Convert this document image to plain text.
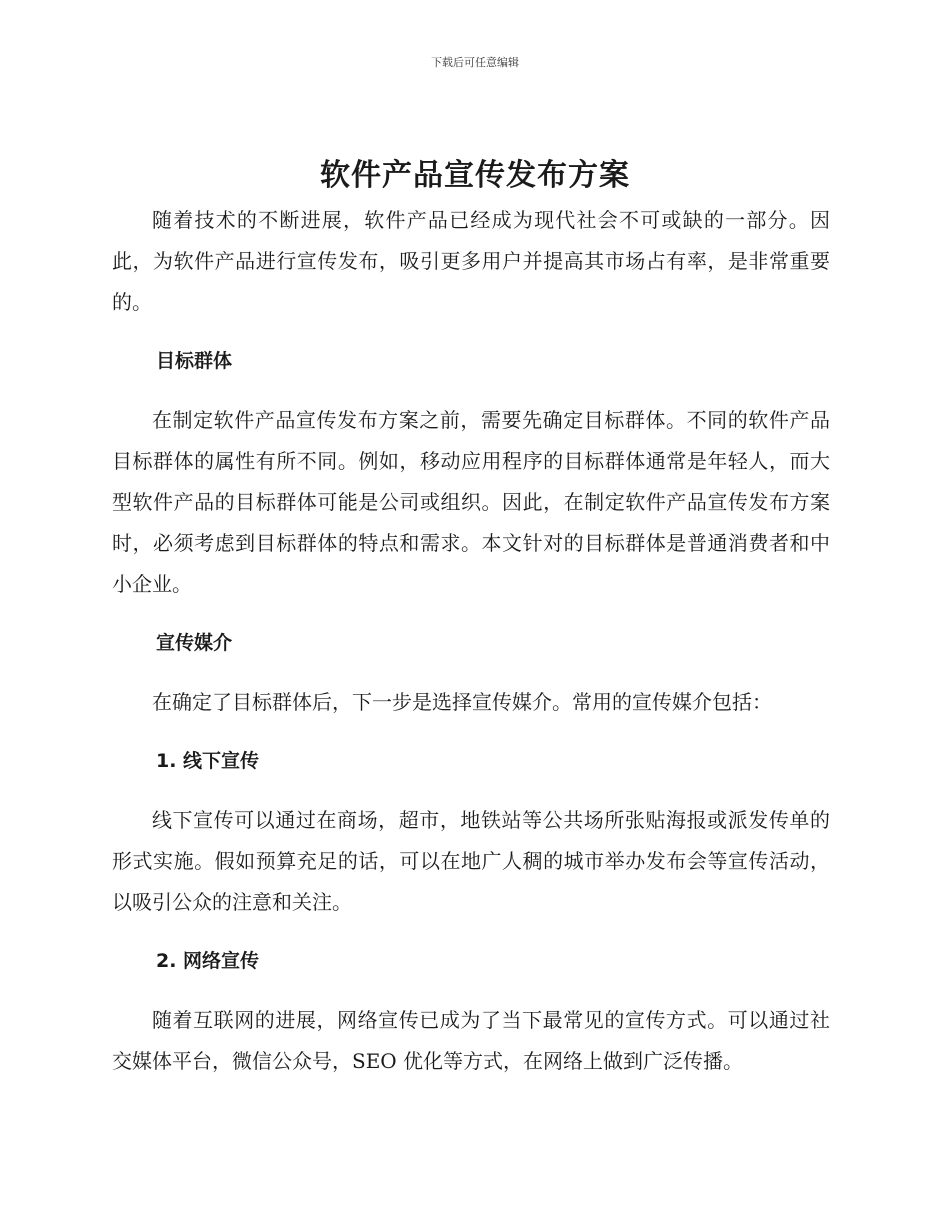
下载后可任意编辑
软件产品宣传发布方案

随着技术的不断进展，软件产品已经成为现代社会不可或缺的一部分。因此，为软件产品进行宣传发布，吸引更多用户并提高其市场占有率，是非常重要的。

目标群体

在制定软件产品宣传发布方案之前，需要先确定目标群体。不同的软件产品目标群体的属性有所不同。例如，移动应用程序的目标群体通常是年轻人，而大型软件产品的目标群体可能是公司或组织。因此，在制定软件产品宣传发布方案时，必须考虑到目标群体的特点和需求。本文针对的目标群体是普通消费者和中小企业。

宣传媒介

在确定了目标群体后，下一步是选择宣传媒介。常用的宣传媒介包括：

1. 线下宣传

线下宣传可以通过在商场，超市，地铁站等公共场所张贴海报或派发传单的形式实施。假如预算充足的话，可以在地广人稠的城市举办发布会等宣传活动，以吸引公众的注意和关注。

2. 网络宣传

随着互联网的进展，网络宣传已成为了当下最常见的宣传方式。可以通过社交媒体平台，微信公众号，SEO 优化等方式，在网络上做到广泛传播。
